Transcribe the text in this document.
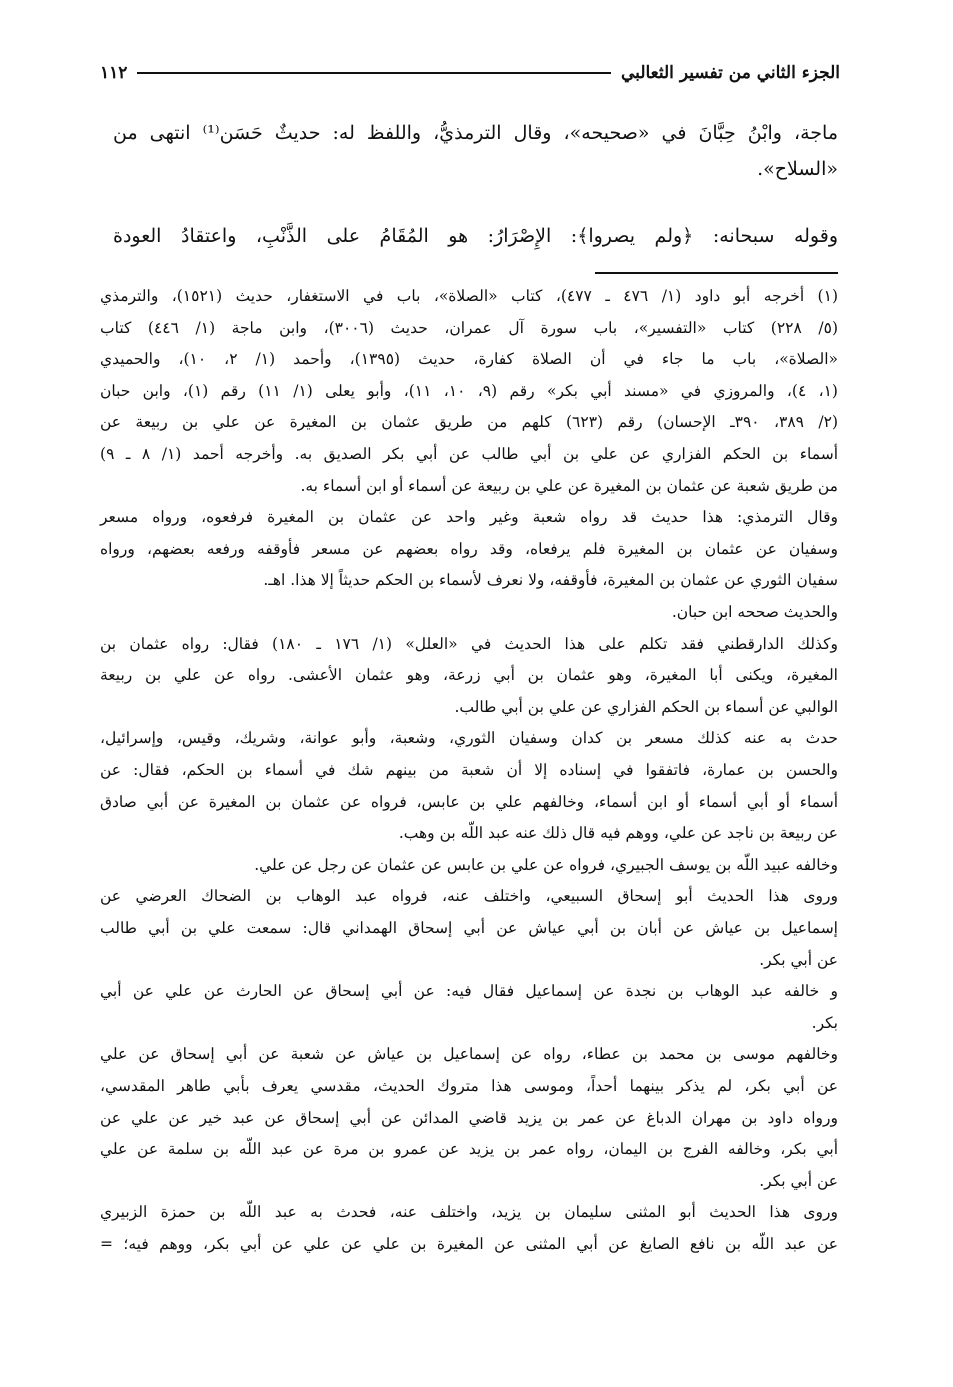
الجزء الثاني من تفسير الثعالبي
١١٢
ماجة، وابْنُ حِبَّانَ في «صحيحه»، وقال الترمذيُّ، واللفظ له: حديثٌ حَسَن⁽¹⁾ انتهى من
«السلاح».
وقوله سبحانه: ﴿ولم يصروا﴾: الإِصْرَارُ: هو المُقَامُ على الذَّنْبِ، واعتقادُ العودة
(١) أخرجه أبو داود (١/ ٤٧٦ ـ ٤٧٧)، كتاب «الصلاة»، باب في الاستغفار، حديث (١٥٢١)، والترمذي
(٥/ ٢٢٨) كتاب «التفسير»، باب سورة آل عمران، حديث (٣٠٠٦)، وابن ماجة (١/ ٤٤٦) كتاب
«الصلاة»، باب ما جاء في أن الصلاة كفارة، حديث (١٣٩٥)، وأحمد (١/ ٢، ١٠)، والحميدي
(١، ٤)، والمروزي في «مسند أبي بكر» رقم (٩، ١٠، ١١)، وأبو يعلى (١/ ١١) رقم (١)، وابن حبان
(٢/ ٣٨٩، ٣٩٠ـ الإحسان) رقم (٦٢٣) كلهم من طريق عثمان بن المغيرة عن علي بن ربيعة عن
أسماء بن الحكم الفزاري عن علي بن أبي طالب عن أبي بكر الصديق به. وأخرجه أحمد (١/ ٨ ـ ٩)
من طريق شعبة عن عثمان بن المغيرة عن علي بن ربيعة عن أسماء أو ابن أسماء به.
وقال الترمذي: هذا حديث قد رواه شعبة وغير واحد عن عثمان بن المغيرة فرفعوه، ورواه مسعر
وسفيان عن عثمان بن المغيرة فلم يرفعاه، وقد رواه بعضهم عن مسعر فأوقفه ورفعه بعضهم، ورواه
سفيان الثوري عن عثمان بن المغيرة، فأوقفه، ولا نعرف لأسماء بن الحكم حديثاً إلا هذا. اهـ.
والحديث صححه ابن حبان.
وكذلك الدارقطني فقد تكلم على هذا الحديث في «العلل» (١/ ١٧٦ ـ ١٨٠) فقال: رواه عثمان بن
المغيرة، ويكنى أبا المغيرة، وهو عثمان بن أبي زرعة، وهو عثمان الأعشى. رواه عن علي بن ربيعة
الوالبي عن أسماء بن الحكم الفزاري عن علي بن أبي طالب.
حدث به عنه كذلك مسعر بن كدان وسفيان الثوري، وشعبة، وأبو عوانة، وشريك، وقيس، وإسرائيل،
والحسن بن عمارة، فاتفقوا في إسناده إلا أن شعبة من بينهم شك في أسماء بن الحكم، فقال: عن
أسماء أو أبي أسماء أو ابن أسماء، وخالفهم علي بن عابس، فرواه عن عثمان بن المغيرة عن أبي صادق
عن ربيعة بن ناجد عن علي، ووهم فيه قال ذلك عنه عبد اللّه بن وهب.
وخالفه عبيد اللّه بن يوسف الجبيري، فرواه عن علي بن عابس عن عثمان عن رجل عن علي.
وروى هذا الحديث أبو إسحاق السبيعي، واختلف عنه، فرواه عبد الوهاب بن الضحاك العرضي عن
إسماعيل بن عياش عن أبان بن أبي عياش عن أبي إسحاق الهمداني قال: سمعت علي بن أبي طالب
عن أبي بكر.
و خالفه عبد الوهاب بن نجدة عن إسماعيل فقال فيه: عن أبي إسحاق عن الحارث عن علي عن أبي
بكر.
وخالفهم موسى بن محمد بن عطاء، رواه عن إسماعيل بن عياش عن شعبة عن أبي إسحاق عن علي
عن أبي بكر، لم يذكر بينهما أحداً، وموسى هذا متروك الحديث، مقدسي يعرف بأبي طاهر المقدسي،
ورواه داود بن مهران الدباغ عن عمر بن يزيد قاضي المدائن عن أبي إسحاق عن عبد خير عن علي عن
أبي بكر، وخالفه الفرج بن اليمان، رواه عمر بن يزيد عن عمرو بن مرة عن عبد اللّه بن سلمة عن علي
عن أبي بكر.
وروى هذا الحديث أبو المثنى سليمان بن يزيد، واختلف عنه، فحدث به عبد اللّه بن حمزة الزبيري
عن عبد اللّه بن نافع الصايغ عن أبي المثنى عن المغيرة بن علي عن علي عن أبي بكر، ووهم فيه؛ =
